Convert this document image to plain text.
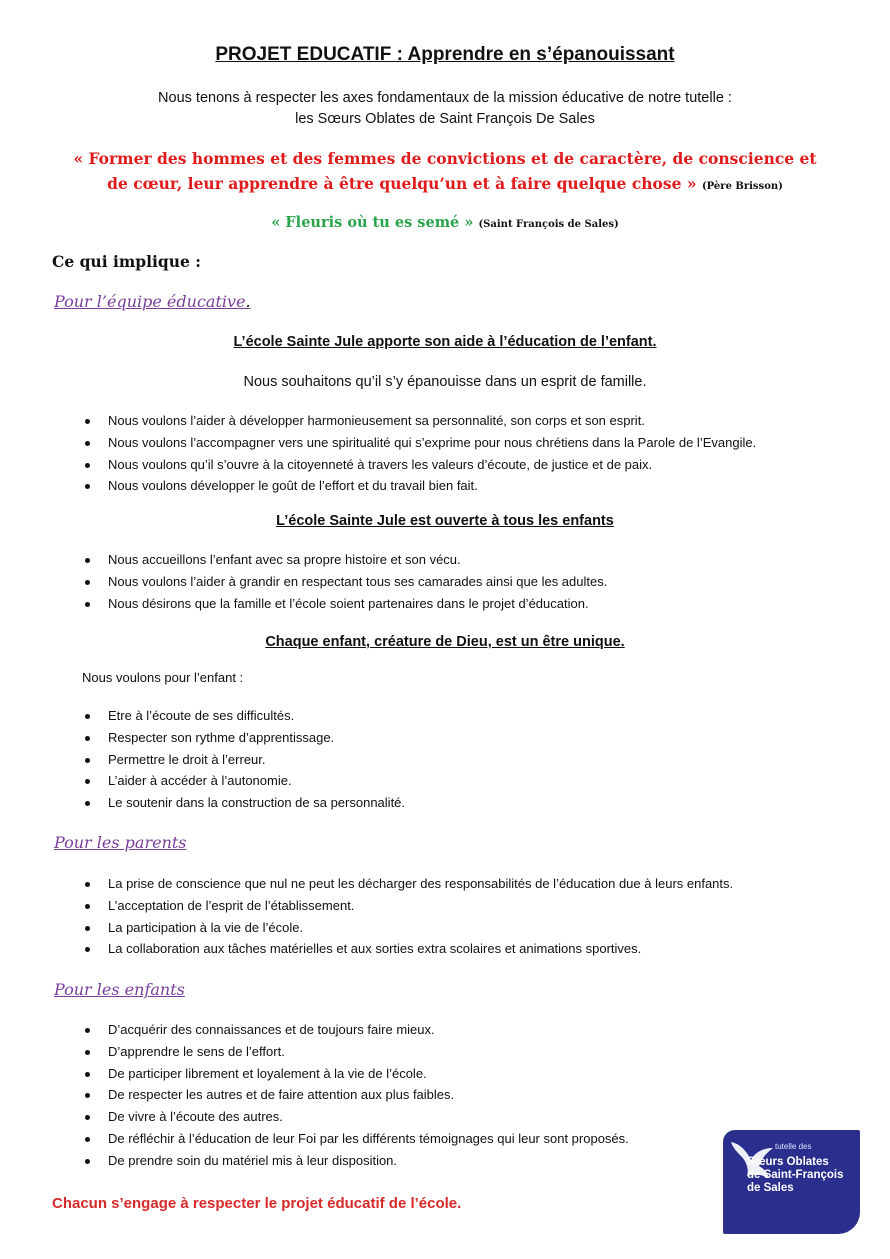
PROJET EDUCATIF : Apprendre en s’épanouissant
Nous tenons à respecter les axes fondamentaux de la mission éducative de notre tutelle :
les Sœurs Oblates de Saint François De Sales
« Former des hommes et des femmes de convictions et de caractère, de conscience et
de cœur, leur apprendre à être quelqu’un et à faire quelque chose » (Père Brisson)
« Fleuris où tu es semé » (Saint François de Sales)
Ce qui implique :
Pour l’équipe éducative.
L’école Sainte Jule apporte son aide à l’éducation de l’enfant.
Nous souhaitons qu’il s’y épanouisse dans un esprit de famille.
Nous voulons l’aider à développer harmonieusement sa personnalité, son corps et son esprit.
Nous voulons l’accompagner vers une spiritualité qui s’exprime pour nous chrétiens dans la Parole de l’Evangile.
Nous voulons qu’il s’ouvre à la citoyenneté à travers les valeurs d’écoute, de justice et de paix.
Nous voulons développer le goût de l’effort et du travail bien fait.
L’école Sainte Jule est ouverte à tous les enfants
Nous accueillons l’enfant avec sa propre histoire et son vécu.
Nous voulons l’aider à grandir en respectant tous ses camarades ainsi que les adultes.
Nous désirons que la famille et l’école soient partenaires dans le projet d’éducation.
Chaque enfant, créature de Dieu, est un être unique.
Nous voulons pour l’enfant :
Etre à l’écoute de ses difficultés.
Respecter son rythme d’apprentissage.
Permettre le droit à l’erreur.
L’aider à accéder à l’autonomie.
Le soutenir dans la construction de sa personnalité.
Pour les parents
La prise de conscience que nul ne peut les décharger des responsabilités de l’éducation due à leurs enfants.
L’acceptation de l’esprit de l’établissement.
La participation à la vie de l’école.
La collaboration aux tâches matérielles et aux sorties extra scolaires et animations sportives.
Pour les enfants
D’acquérir des connaissances et de toujours faire mieux.
D’apprendre le sens de l’effort.
De participer librement et loyalement à la vie de l’école.
De respecter les autres et de faire attention aux plus faibles.
De vivre à l’écoute des autres.
De réfléchir à l’éducation de leur Foi par les différents témoignages qui leur sont proposés.
De prendre soin du matériel mis à leur disposition.
Chacun s’engage à respecter le projet éducatif de l’école.
tutelle des
Sœurs Oblates
de Saint-François
de Sales
